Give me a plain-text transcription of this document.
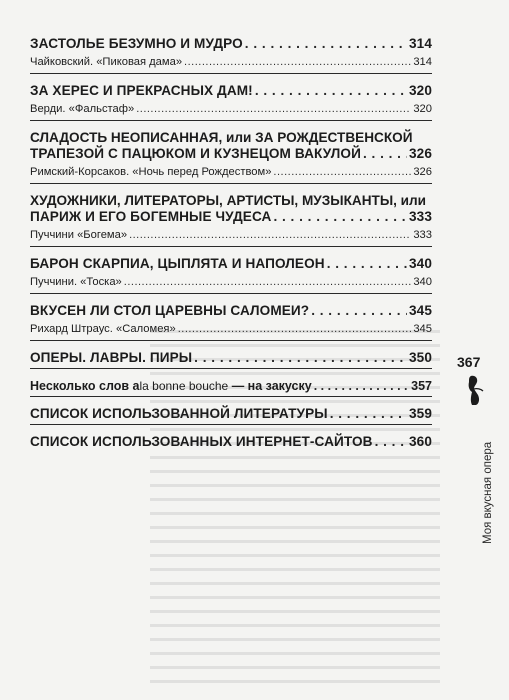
ЗАСТОЛЬЕ БЕЗУМНО И МУДРО . . .	314
Чайковский. «Пиковая дама» .....	314
ЗА ХЕРЕС И ПРЕКРАСНЫХ ДАМ! . . .	320
Верди. «Фальстаф» .....	320
СЛАДОСТЬ НЕОПИСАННАЯ, или ЗА РОЖДЕСТВЕНСКОЙ
ТРАПЕЗОЙ С ПАЦЮКОМ И КУЗНЕЦОМ ВАКУЛОЙ . . .	326
Римский-Корсаков. «Ночь перед Рождеством» .....	326
ХУДОЖНИКИ, ЛИТЕРАТОРЫ, АРТИСТЫ, МУЗЫКАНТЫ, или
ПАРИЖ И ЕГО БОГЕМНЫЕ ЧУДЕСА . . .	333
Пуччини «Богема» .....	333
БАРОН СКАРПИА, ЦЫПЛЯТА И НАПОЛЕОН . . .	340
Пуччини. «Тоска» .....	340
ВКУСЕН ЛИ СТОЛ ЦАРЕВНЫ САЛОМЕИ? . . .	345
Рихард Штраус. «Саломея» .....	345
ОПЕРЫ. ЛАВРЫ. ПИРЫ . . .	350
Несколько слов аla bonne bouche — на закуску . . .	357
СПИСОК ИСПОЛЬЗОВАННОЙ ЛИТЕРАТУРЫ . . .	359
СПИСОК ИСПОЛЬЗОВАННЫХ ИНТЕРНЕТ-САЙТОВ . . .	360
367
Моя вкусная опера
